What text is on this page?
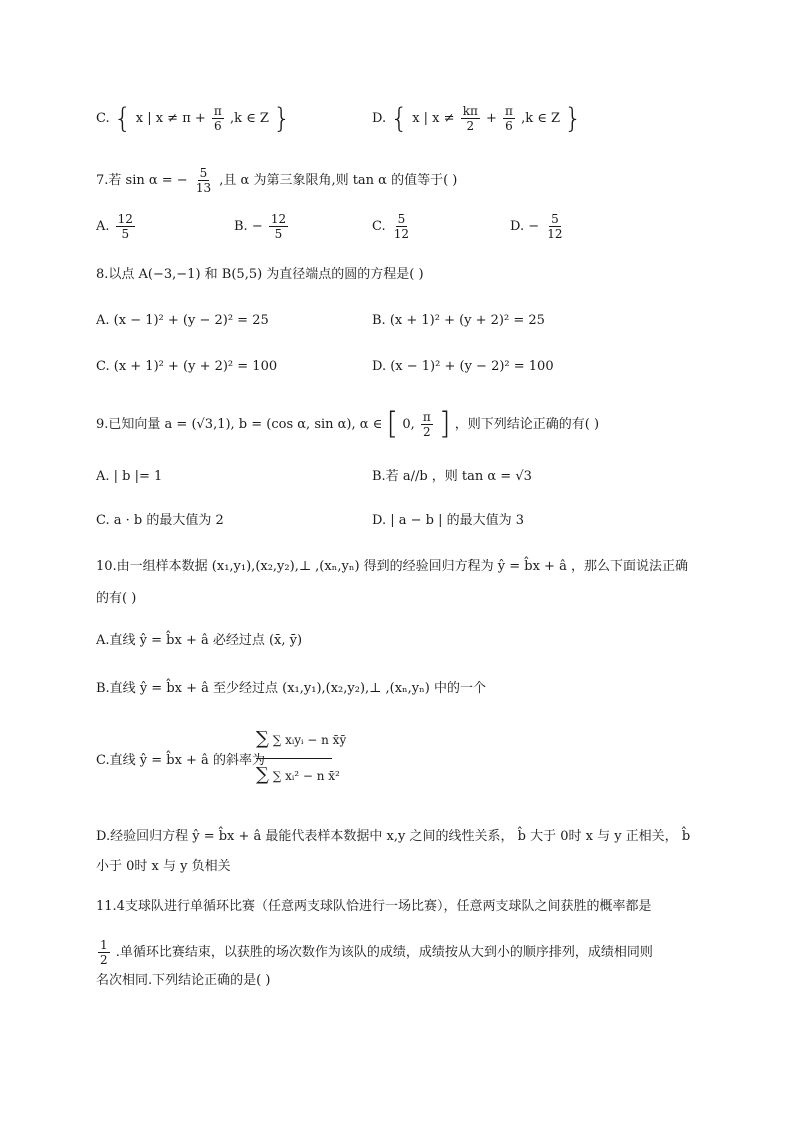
C. { x | $x \ne \pi + \frac{\pi}{6} ,k$ ∈ Z }	D. { x | $x \ne \frac{k\pi}{2} + \frac{\pi}{6} ,k$ ∈ Z }
7.若 sin α = − $\frac{5}{13}$ ,且 α 为第三象限角,则 tan α 的值等于( )
A. $\frac{12}{5}$	B. − $\frac{12}{5}$	C. $\frac{5}{12}$	D. − $\frac{5}{12}$
8.以点 A(−3,−1) 和 B(5,5) 为直径端点的圆的方程是( )
A. (x − 1)² + (y − 2)² = 25	B. (x + 1)² + (y + 2)² = 25
C. (x + 1)² + (y + 2)² = 100	D. (x − 1)² + (y − 2)² = 100
9.已知向量 a = (√3,1), b = (cos α, sin α), α ∈ [ 0, $\frac{\pi}{2}$ ] ，则下列结论正确的有( )
A. | b |= 1	B.若 a//b ，则 tan α = √3
C. a · b 的最大值为 2	D. | a − b | 的最大值为 3
10.由一组样本数据 (x₁,y₁),(x₂,y₂),⊥ ,(xₙ,yₙ) 得到的经验回归方程为 ŷ = b̂x + â ，那么下面说法正确
的有( )
A.直线 ŷ = b̂x + â 必经过点 (x̄, ȳ)
B.直线 ŷ = b̂x + â 至少经过点 (x₁,y₁),(x₂,y₂),⊥ ,(xₙ,yₙ) 中的一个
C.直线 ŷ = b̂x + â 的斜率为
∑ ∑ xᵢyᵢ − n x̄ȳ
∑ ∑ xᵢ² − n x̄²
D.经验回归方程 ŷ = b̂x + â 最能代表样本数据中 x,y 之间的线性关系， b̂ 大于 0时 x 与 y 正相关， b̂
小于 0时 x 与 y 负相关
11.4支球队进行单循环比赛（任意两支球队恰进行一场比赛），任意两支球队之间获胜的概率都是
$\frac{1}{2}$ .单循环比赛结束，以获胜的场次数作为该队的成绩，成绩按从大到小的顺序排列，成绩相同则
名次相同.下列结论正确的是( )
